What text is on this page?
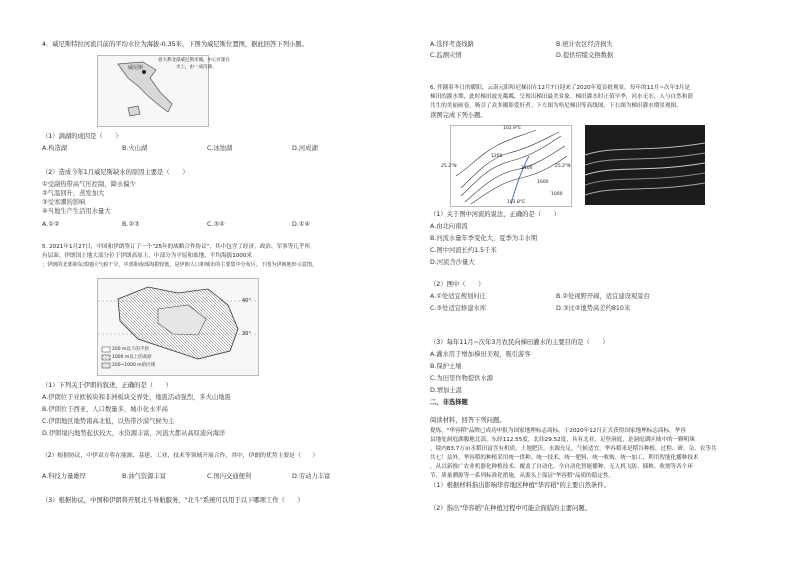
4．威尼斯特拉河流目前的平均水位为海拔-0.35米，下图为威尼斯位置图，据此回答下列小题。
威尼斯
意大利北部威尼斯水城，中心区建在
水上，由一成泻湖。
（1）滴湖的成因是（　　）
A.构造湖	B.火山湖	C.冰蚀湖	D.河成湖
（2）造成今年1月威尼斯缺水的原因主要是（　　）
①受副热带高气压控制，降水偏少
②气温回升，蒸发加大
③受寒潮的影响
④当地生产生活用水量大
A.①②	B.②③	C.③④	D.①④
5. 2021年1月27日，中国和伊朗签订了一个"25年的战略合作协议"，其中包含了经济、政治、军事等几乎所
有层面。伊朗国土地大部分位于伊朗高原上，中部分为平原和盆地，平均海拔1000米
；伊朗的北部和东部地区气候干旱，中部和南部海拔较低，是伊朗人口和城市的主要集中分布区。下图为伊朗地形示意图。
40°
30°
200 m以下的平原
1000 m以上的高原
200~1000 m的区域
（1）下列关于伊朗的叙述，正确的是（　　）
A.伊朗位于亚欧板块和非洲板块交界处，地震活动强烈，多火山地震
B.伊朗位于西亚，人口数量多，城市化水平高
C.伊朗地区地势南高北低，以热带沙漠气候为主
D.伊朗境内地势起伏较大，水资源丰富，河流大都从高原流向海洋
（2）根据协议，中伊双方将在能源、基建、工业、技术等领域开展合作，其中，伊朗的优势主要是（　　）
A.科技力量雄厚	B.油气资源丰富	C.国内交通便利	D.劳动力丰富
（3）根据协议，中国和伊朗将开展北斗导航服务，"北斗"系统可以用于以下哪项工作（　　）
A.选择考查线路	B.统计农区经济损失
C.监测灾情	D.提供绍缆交换数据
6. 伴随着冬日的暖阳，云南元阳哈尼梯田在12月7日迎来了2020年度首批观景。每年的11月~次年3月是
梯田的灌水期，此时梯田波光粼粼，呈现出梯田最美景象。梯田灌水时正值旱季，河水无水，人与自然和谐
共生的美丽画卷，吸引了众多摄影爱好者。下左图为哈尼梯田等高线图，下右图为梯田灌水期景观图。
读图完成下列小题。
102.9°E
1200
1400
1600
25.2°N	25.2°N
101.8°E
1000
（1）关于图中河流的说法，正确的是（　　）
A.由北向南流
B.河流水量年季变化大，夏季为丰水期
C.图中河流长约1.5千米
D.河流含沙量大
（2）图中（　　）
A.①处适宜规划村庄	B.②处视野开阔，适宜建设观景台
C.③处适宜修建水库	D.③比②地势高差约810米
（3）每年11月~次年3月农民向梯田灌水的主要目的是（　　）
A.灌水用于增加梯田美观，吸引游客
B.保护土壤
C.为田里作物提供水源
D.增加土温
二、非选择题
阅读材料，回答下列问题。
提炼。"华容稻"品牌已成功申报为国家地理标志商标。于2020年12月正式获得国家地理标志商标，华容
县地处洞庭湖腹地北部，东经112.55度，北纬29.52度，具有北亚，足登洞庭，是洞庭湖区域中的一颗明珠
。境内83.7万亩水稻田富含有机质，土地肥沃，水源充足，气候适宜，华容稻米是稻谷种植，过程、研、杂、农等共
共七！益外，华容稻的种植采用统一供种、统一技术、统一肥料、统一收购、统一加工，利用智能化播种技术
，从以新推广农业机器化种植技术、覆盖了自动化、全自动化智能播种、无人机飞防、插秧、收割等各个环
节，质量溯源等一系列标准化措施，从源头上保证"华容稻"品质的稳定性。
（1）根据材料指出影响华容地区种植"华容稻"的主要自然条件。
（2）指出"华容稻"在种植过程中可能会面临的主要问题。
